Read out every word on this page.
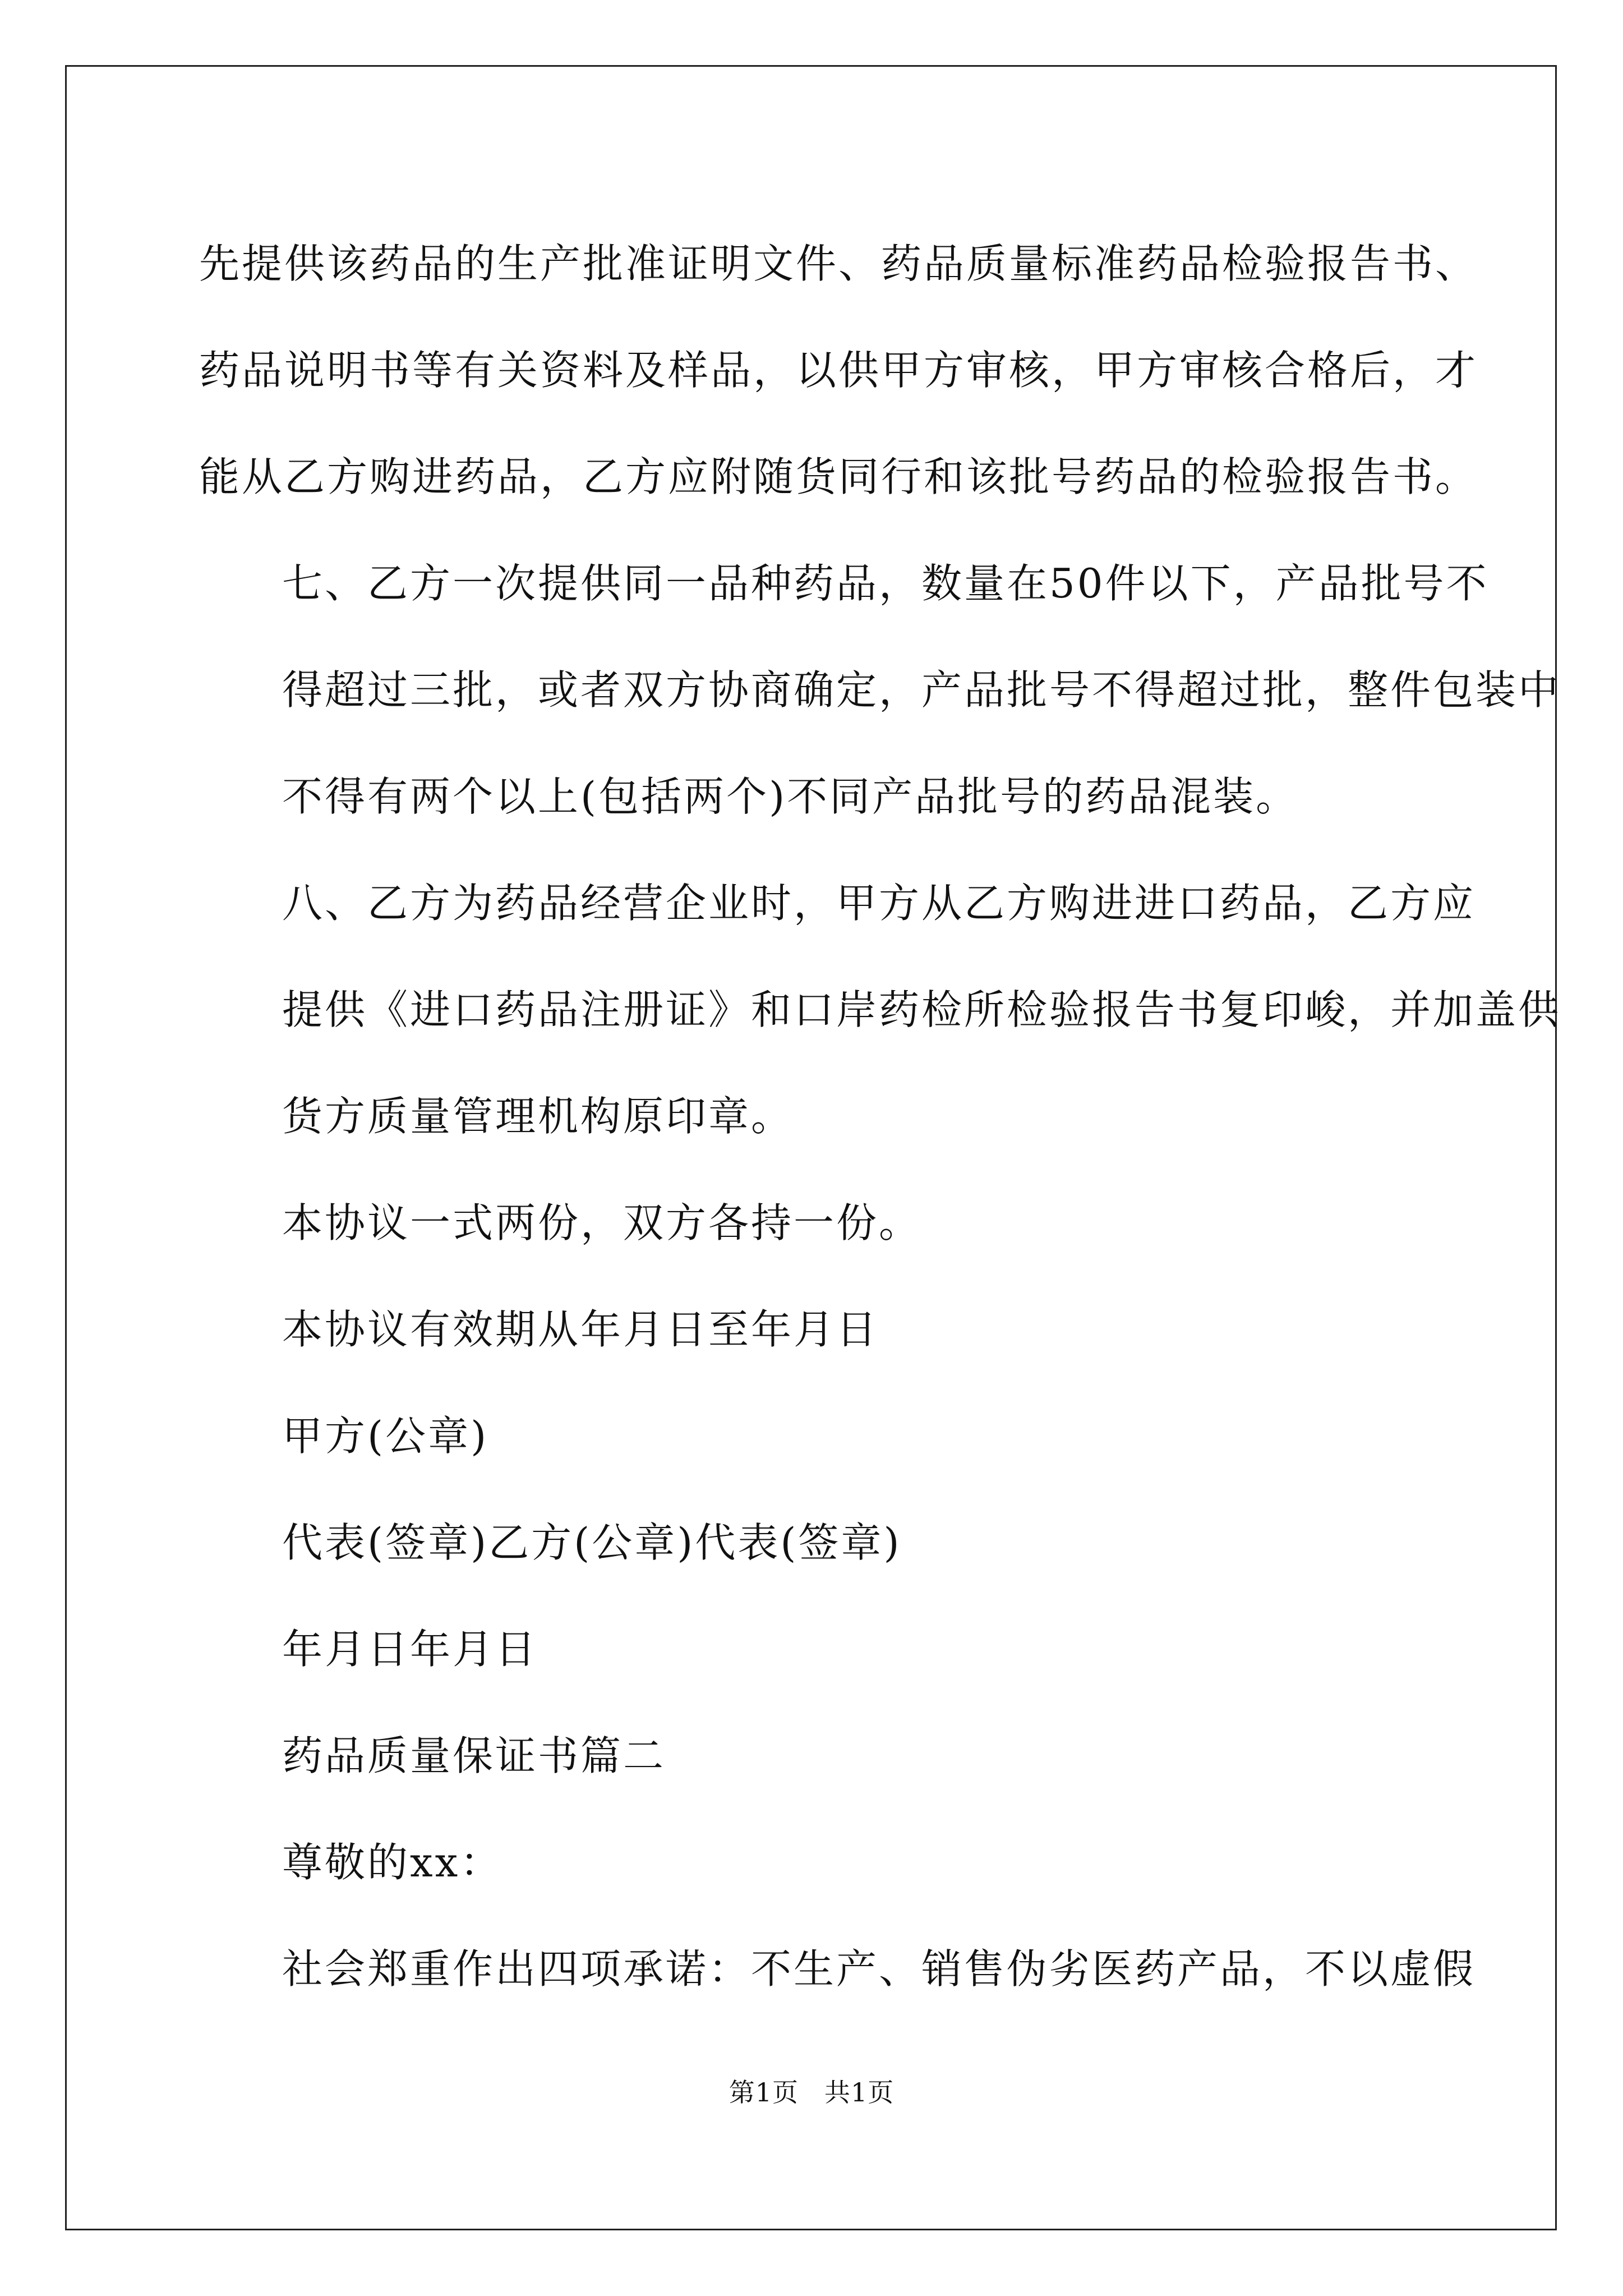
先提供该药品的生产批准证明文件、药品质量标准药品检验报告书、
药品说明书等有关资料及样品，以供甲方审核，甲方审核合格后，才
能从乙方购进药品，乙方应附随货同行和该批号药品的检验报告书。

七、乙方一次提供同一品种药品，数量在50件以下，产品批号不
得超过三批，或者双方协商确定，产品批号不得超过批，整件包装中
不得有两个以上(包括两个)不同产品批号的药品混装。

八、乙方为药品经营企业时，甲方从乙方购进进口药品，乙方应
提供《进口药品注册证》和口岸药检所检验报告书复印峻，并加盖供
货方质量管理机构原印章。

本协议一式两份，双方各持一份。

本协议有效期从年月日至年月日

甲方(公章)

代表(签章)乙方(公章)代表(签章)

年月日年月日

药品质量保证书篇二

尊敬的xx：

社会郑重作出四项承诺：不生产、销售伪劣医药产品，不以虚假

第1页 共1页
